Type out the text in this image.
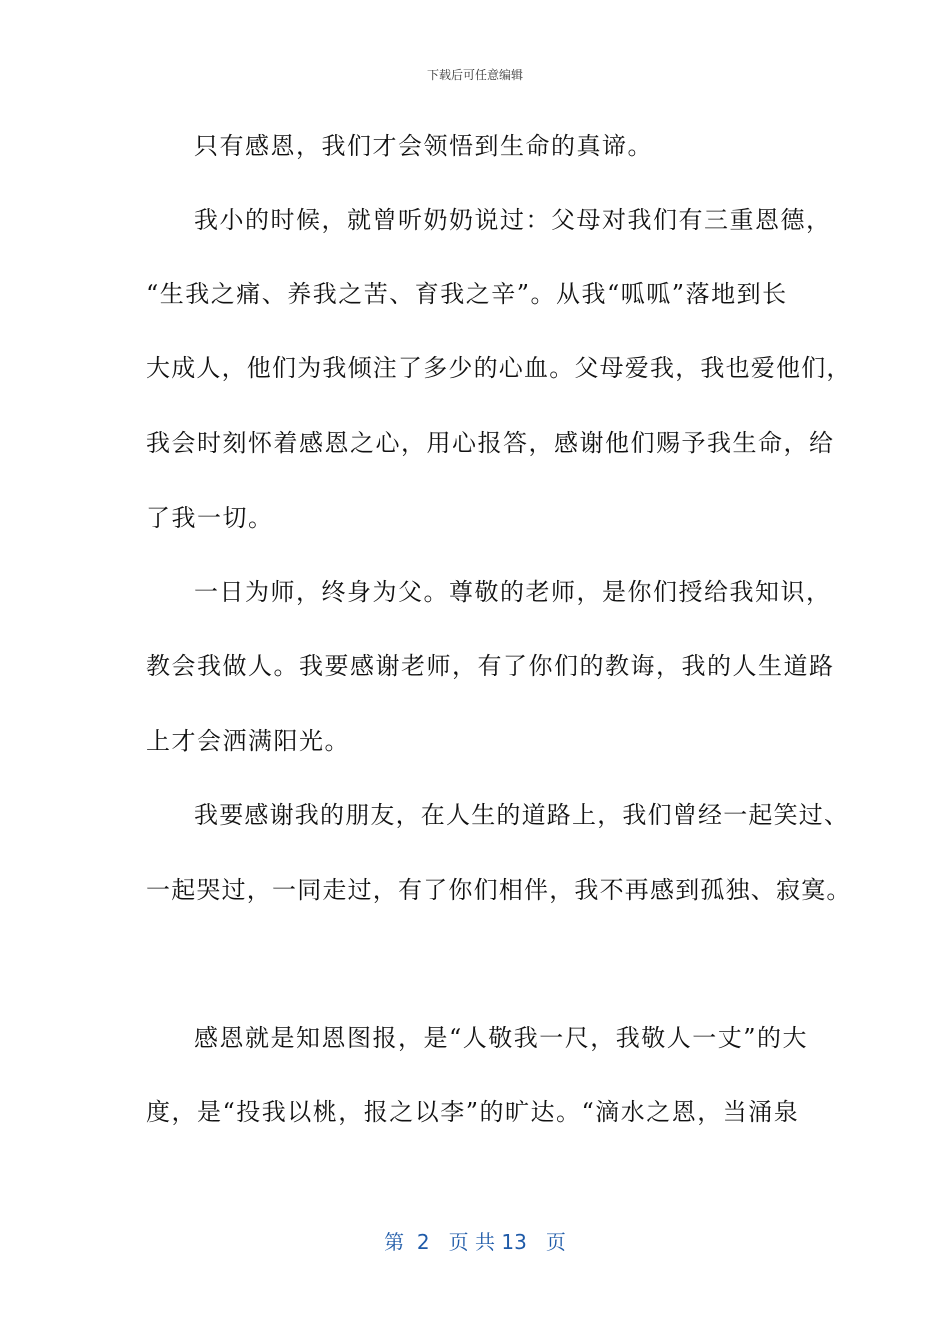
下载后可任意编辑
只有感恩，我们才会领悟到生命的真谛。
我小的时候，就曾听奶奶说过：父母对我们有三重恩德，
“生我之痛、养我之苦、育我之辛”。从我“呱呱”落地到长
大成人，他们为我倾注了多少的心血。父母爱我，我也爱他们，
我会时刻怀着感恩之心，用心报答，感谢他们赐予我生命，给
了我一切。
一日为师，终身为父。尊敬的老师，是你们授给我知识，
教会我做人。我要感谢老师，有了你们的教诲，我的人生道路
上才会洒满阳光。
我要感谢我的朋友，在人生的道路上，我们曾经一起笑过、
一起哭过，一同走过，有了你们相伴，我不再感到孤独、寂寞。
感恩就是知恩图报，是“人敬我一尺，我敬人一丈”的大
度，是“投我以桃，报之以李”的旷达。“滴水之恩，当涌泉
第  2   页 共 13   页
